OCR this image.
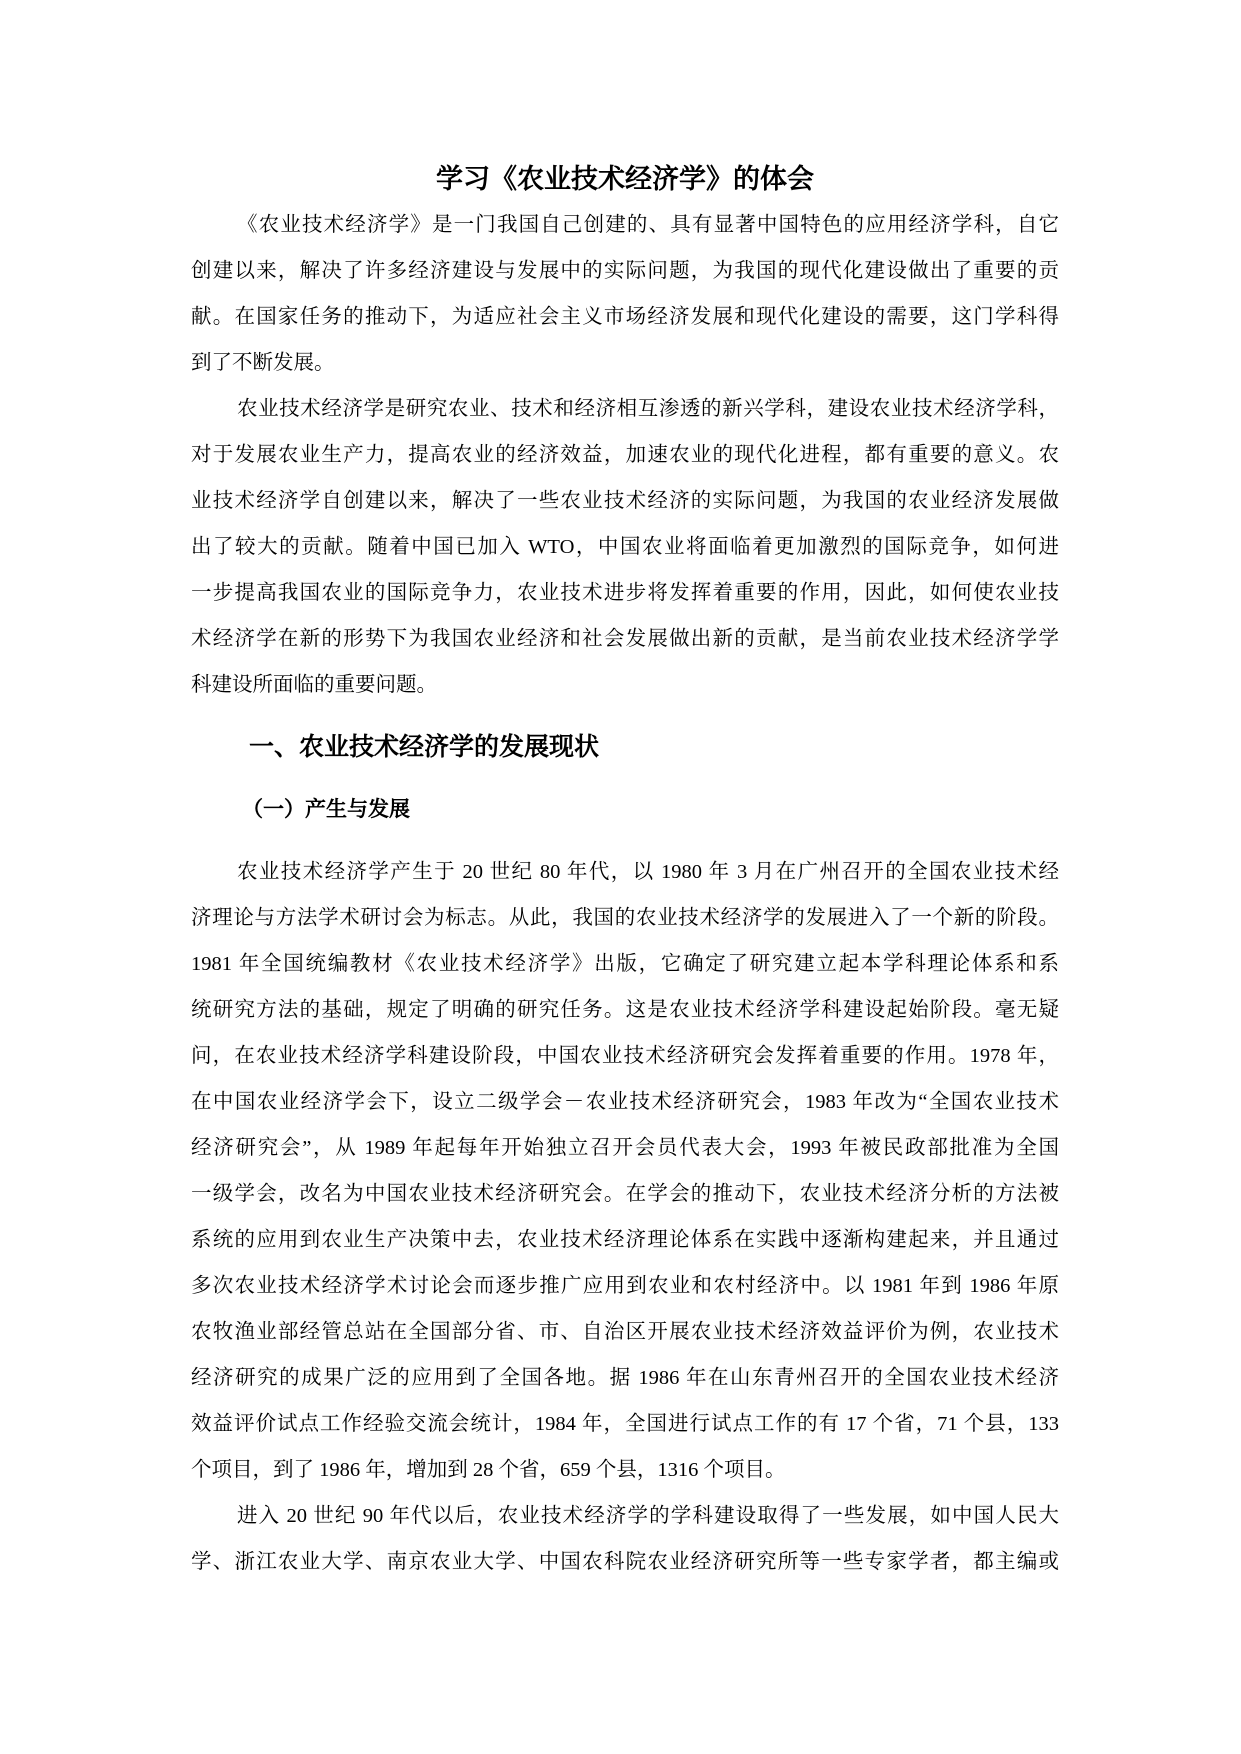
学习《农业技术经济学》的体会
《农业技术经济学》是一门我国自己创建的、具有显著中国特色的应用经济学科，自它
创建以来，解决了许多经济建设与发展中的实际问题，为我国的现代化建设做出了重要的贡
献。在国家任务的推动下，为适应社会主义市场经济发展和现代化建设的需要，这门学科得
到了不断发展。
农业技术经济学是研究农业、技术和经济相互渗透的新兴学科，建设农业技术经济学科，
对于发展农业生产力，提高农业的经济效益，加速农业的现代化进程，都有重要的意义。农
业技术经济学自创建以来，解决了一些农业技术经济的实际问题，为我国的农业经济发展做
出了较大的贡献。随着中国已加入 WTO，中国农业将面临着更加激烈的国际竞争，如何进
一步提高我国农业的国际竞争力，农业技术进步将发挥着重要的作用，因此，如何使农业技
术经济学在新的形势下为我国农业经济和社会发展做出新的贡献，是当前农业技术经济学学
科建设所面临的重要问题。
一、农业技术经济学的发展现状
（一）产生与发展
农业技术经济学产生于 20 世纪 80 年代，以 1980 年 3 月在广州召开的全国农业技术经
济理论与方法学术研讨会为标志。从此，我国的农业技术经济学的发展进入了一个新的阶段。
1981 年全国统编教材《农业技术经济学》出版，它确定了研究建立起本学科理论体系和系
统研究方法的基础，规定了明确的研究任务。这是农业技术经济学科建设起始阶段。毫无疑
问，在农业技术经济学科建设阶段，中国农业技术经济研究会发挥着重要的作用。1978 年，
在中国农业经济学会下，设立二级学会－农业技术经济研究会，1983 年改为“全国农业技术
经济研究会”，从 1989 年起每年开始独立召开会员代表大会，1993 年被民政部批准为全国
一级学会，改名为中国农业技术经济研究会。在学会的推动下，农业技术经济分析的方法被
系统的应用到农业生产决策中去，农业技术经济理论体系在实践中逐渐构建起来，并且通过
多次农业技术经济学术讨论会而逐步推广应用到农业和农村经济中。以 1981 年到 1986 年原
农牧渔业部经管总站在全国部分省、市、自治区开展农业技术经济效益评价为例，农业技术
经济研究的成果广泛的应用到了全国各地。据 1986 年在山东青州召开的全国农业技术经济
效益评价试点工作经验交流会统计，1984 年，全国进行试点工作的有 17 个省，71 个县，133
个项目，到了 1986 年，增加到 28 个省，659 个县，1316 个项目。
进入 20 世纪 90 年代以后，农业技术经济学的学科建设取得了一些发展，如中国人民大
学、浙江农业大学、南京农业大学、中国农科院农业经济研究所等一些专家学者，都主编或
